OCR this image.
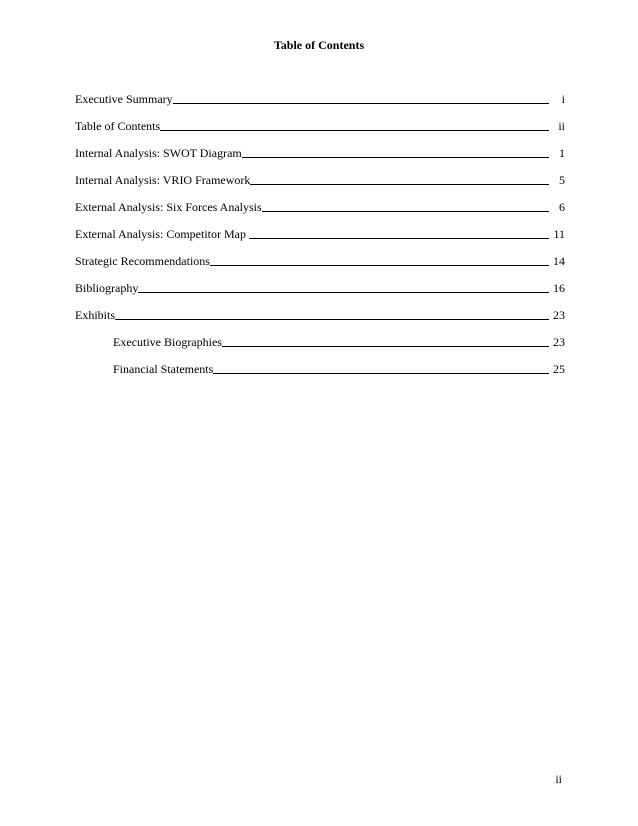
Table of Contents
Executive Summary	i
Table of Contents	ii
Internal Analysis: SWOT Diagram	1
Internal Analysis: VRIO Framework	5
External Analysis: Six Forces Analysis	6
External Analysis: Competitor Map	11
Strategic Recommendations	14
Bibliography	16
Exhibits	23
Executive Biographies	23
Financial Statements	25
ii
